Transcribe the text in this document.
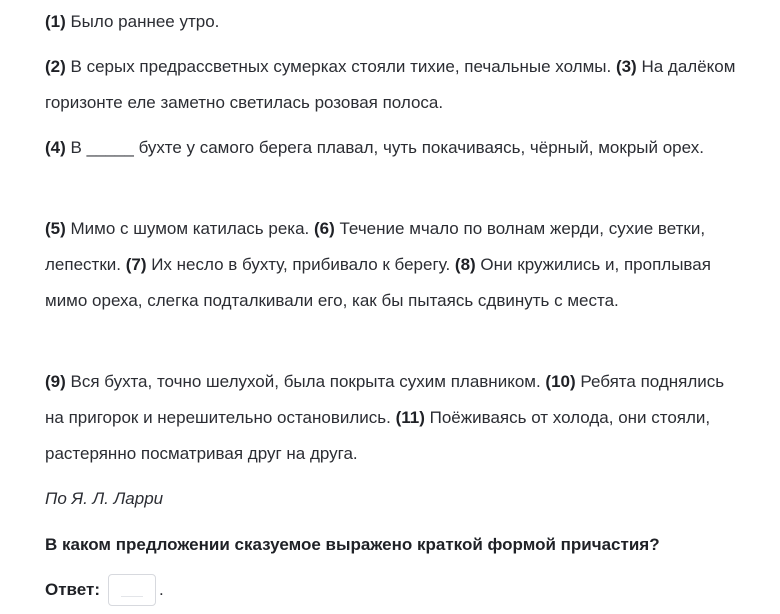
(1) Было раннее утро.

(2) В серых предрассветных сумерках стояли тихие, печальные холмы. (3) На далёком горизонте еле заметно светилась розовая полоса.

(4) В _____ бухте у самого берега плавал, чуть покачиваясь, чёрный, мокрый орех.

(5) Мимо с шумом катилась река. (6) Течение мчало по волнам жерди, сухие ветки, лепестки. (7) Их несло в бухту, прибивало к берегу. (8) Они кружились и, проплывая мимо ореха, слегка подталкивали его, как бы пытаясь сдвинуть с места.

(9) Вся бухта, точно шелухой, была покрыта сухим плавником. (10) Ребята поднялись на пригорок и нерешительно остановились. (11) Поёживаясь от холода, они стояли, растерянно посматривая друг на друга.

По Я. Л. Ларри
В каком предложении сказуемое выражено краткой формой причастия?
Ответ:	.
